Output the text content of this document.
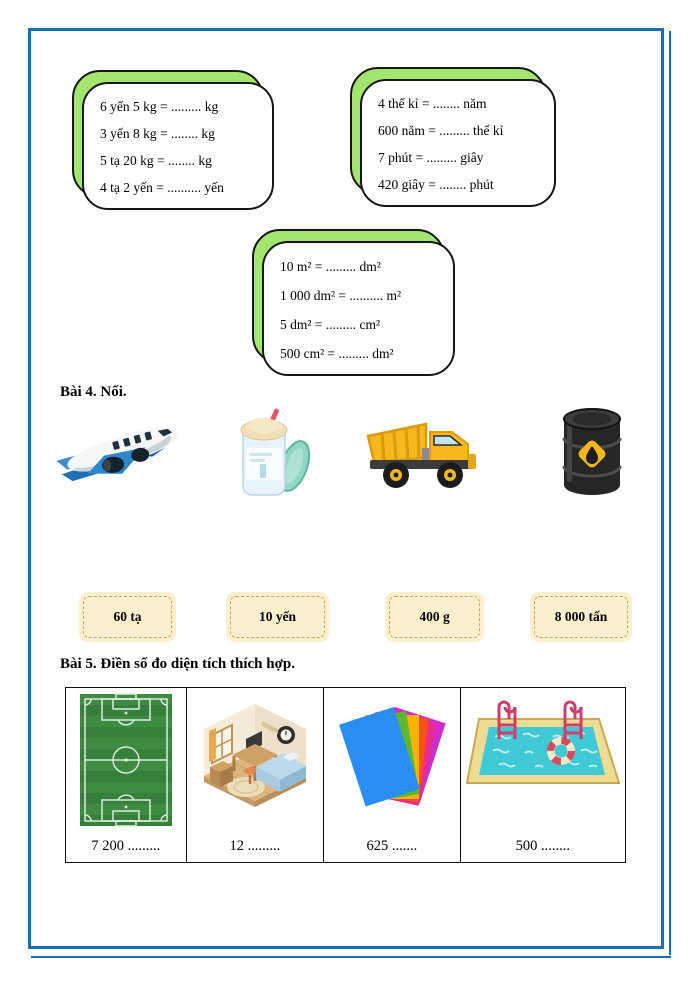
6 yến 5 kg = ......... kg
3 yến 8 kg = ........ kg
5 tạ 20 kg = ........ kg
4 tạ 2 yến = .......... yến
4 thế kỉ = ........ năm
600 năm = ......... thế kỉ
7 phút = ......... giây
420 giây = ........ phút
10 m² = ......... dm²
1 000 dm² = .......... m²
5 dm² = ......... cm²
500 cm² = ......... dm²
Bài 4. Nối.
60 tạ	10 yến	400 g	8 000 tấn
Bài 5. Điền số đo diện tích thích hợp.
7 200 .........	12 .........	625 .......	500 ........
